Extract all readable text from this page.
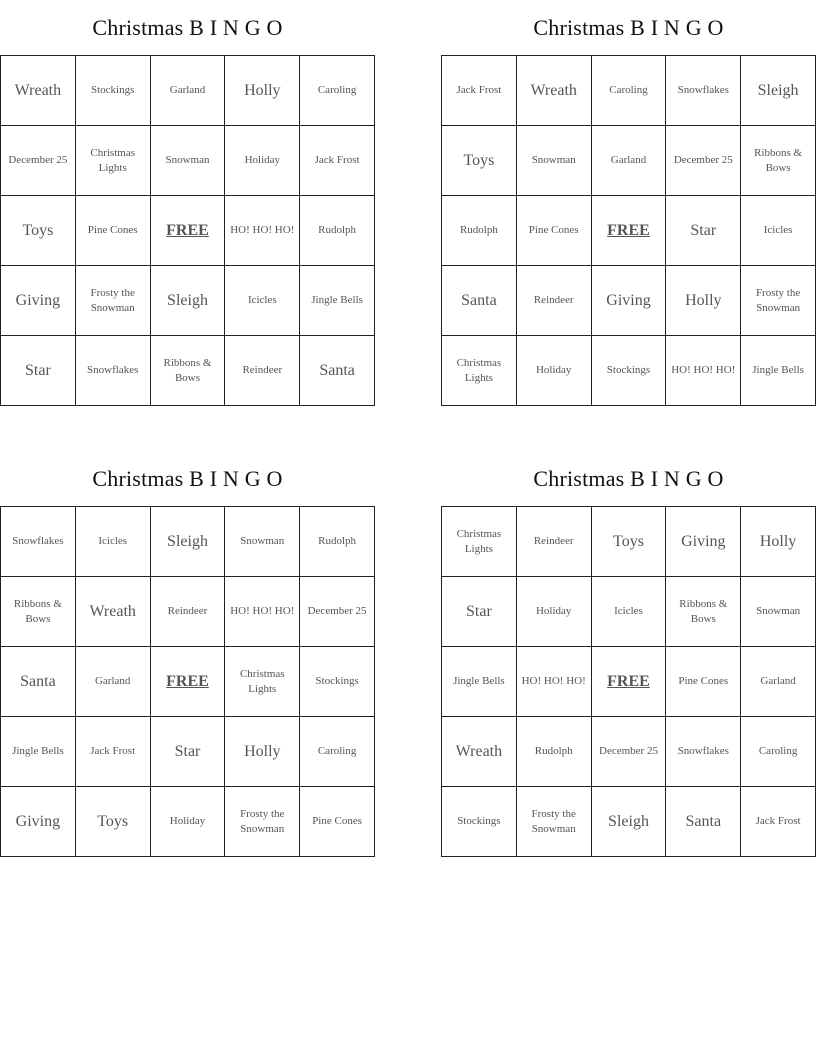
Christmas B I N G O
Wreath	Stockings	Garland	Holly	Caroling
December 25	Christmas Lights	Snowman	Holiday	Jack Frost
Toys	Pine Cones	FREE	HO! HO! HO!	Rudolph
Giving	Frosty the Snowman	Sleigh	Icicles	Jingle Bells
Star	Snowflakes	Ribbons & Bows	Reindeer	Santa
Christmas B I N G O
Jack Frost	Wreath	Caroling	Snowflakes	Sleigh
Toys	Snowman	Garland	December 25	Ribbons & Bows
Rudolph	Pine Cones	FREE	Star	Icicles
Santa	Reindeer	Giving	Holly	Frosty the Snowman
Christmas Lights	Holiday	Stockings	HO! HO! HO!	Jingle Bells
Christmas B I N G O
Snowflakes	Icicles	Sleigh	Snowman	Rudolph
Ribbons & Bows	Wreath	Reindeer	HO! HO! HO!	December 25
Santa	Garland	FREE	Christmas Lights	Stockings
Jingle Bells	Jack Frost	Star	Holly	Caroling
Giving	Toys	Holiday	Frosty the Snowman	Pine Cones
Christmas B I N G O
Christmas Lights	Reindeer	Toys	Giving	Holly
Star	Holiday	Icicles	Ribbons & Bows	Snowman
Jingle Bells	HO! HO! HO!	FREE	Pine Cones	Garland
Wreath	Rudolph	December 25	Snowflakes	Caroling
Stockings	Frosty the Snowman	Sleigh	Santa	Jack Frost
